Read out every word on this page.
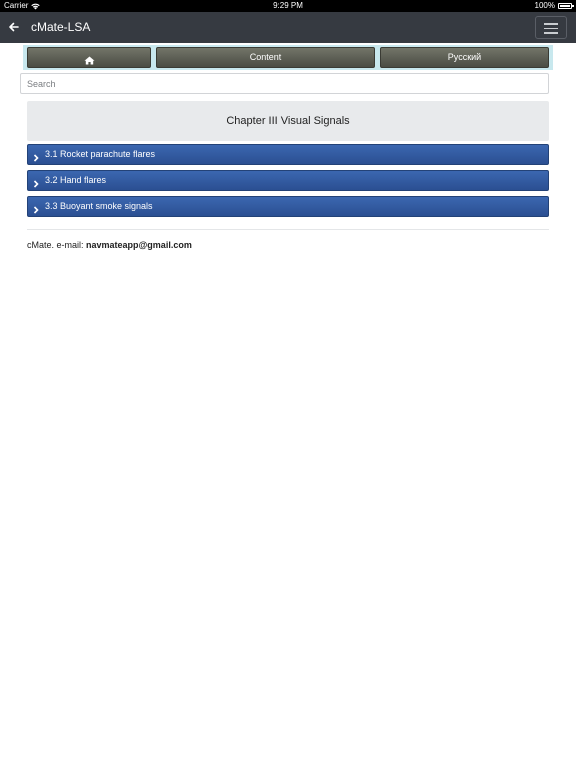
Carrier	9:29 PM	100%
cMate-LSA
Content	Русский
Search
Chapter III Visual Signals
3.1 Rocket parachute flares
3.2 Hand flares
3.3 Buoyant smoke signals
cMate. e-mail: navmateapp@gmail.com
